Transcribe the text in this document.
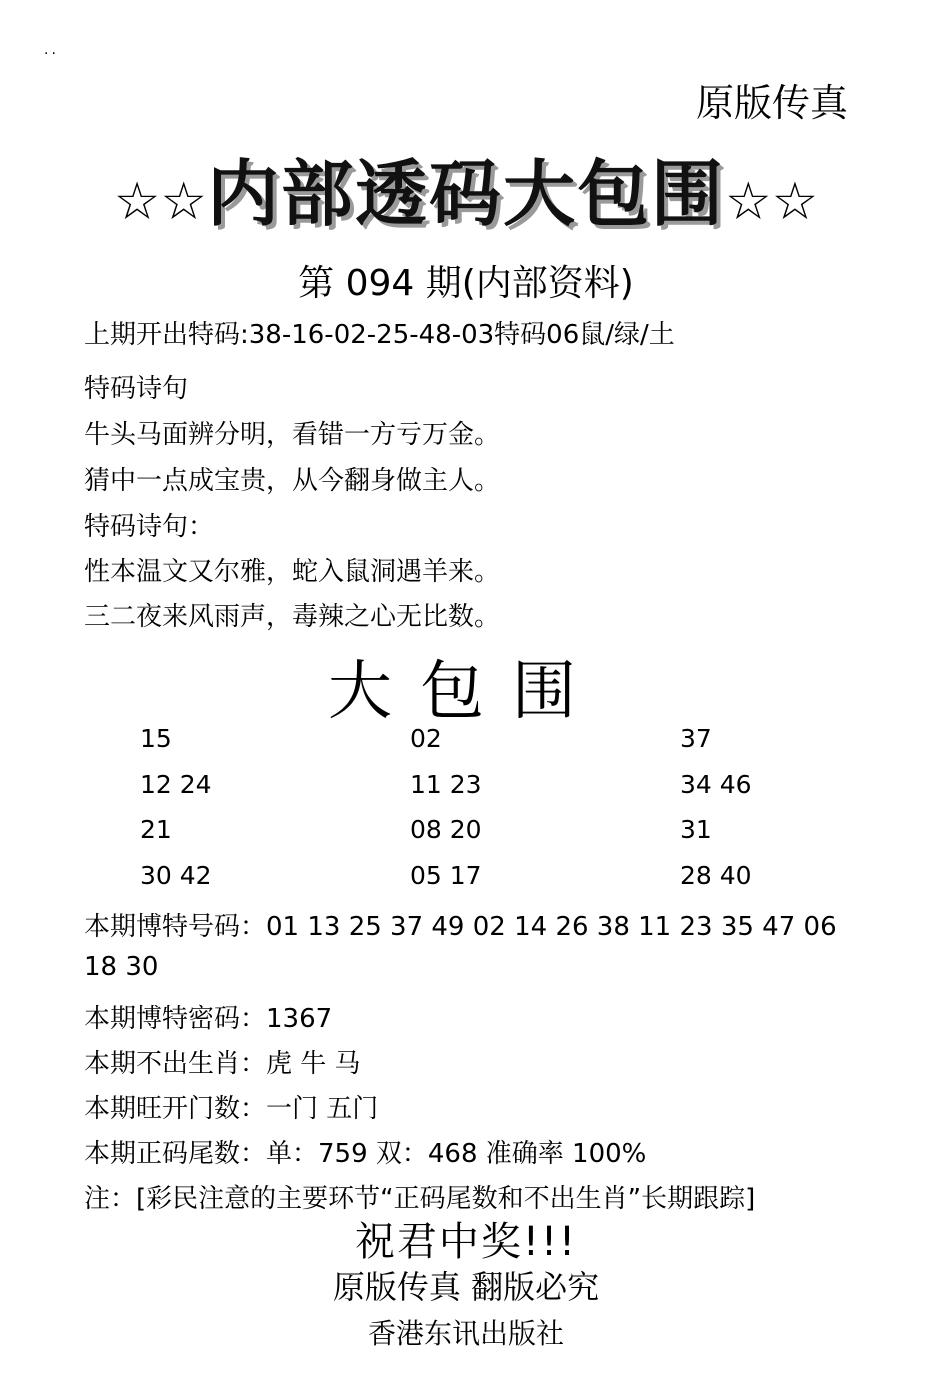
..
原版传真
☆☆内部透码大包围☆☆
第 094 期(内部资料)
上期开出特码:38-16-02-25-48-03特码06鼠/绿/土
特码诗句
牛头马面辨分明，看错一方亏万金。
猜中一点成宝贵，从今翻身做主人。
特码诗句：
性本温文又尔雅，蛇入鼠洞遇羊来。
三二夜来风雨声，毒辣之心无比数。
大包围
15	02	37
12 24	11 23	34 46
21	08 20	31
30 42	05 17	28 40
本期博特号码：01 13 25 37 49 02 14 26 38 11 23 35 47 06
18 30
本期博特密码：1367
本期不出生肖：虎 牛 马
本期旺开门数：一门 五门
本期正码尾数：单：759 双：468 准确率 100%
注：[彩民注意的主要环节“正码尾数和不出生肖”长期跟踪]
祝君中奖!!!
原版传真 翻版必究
香港东讯出版社
